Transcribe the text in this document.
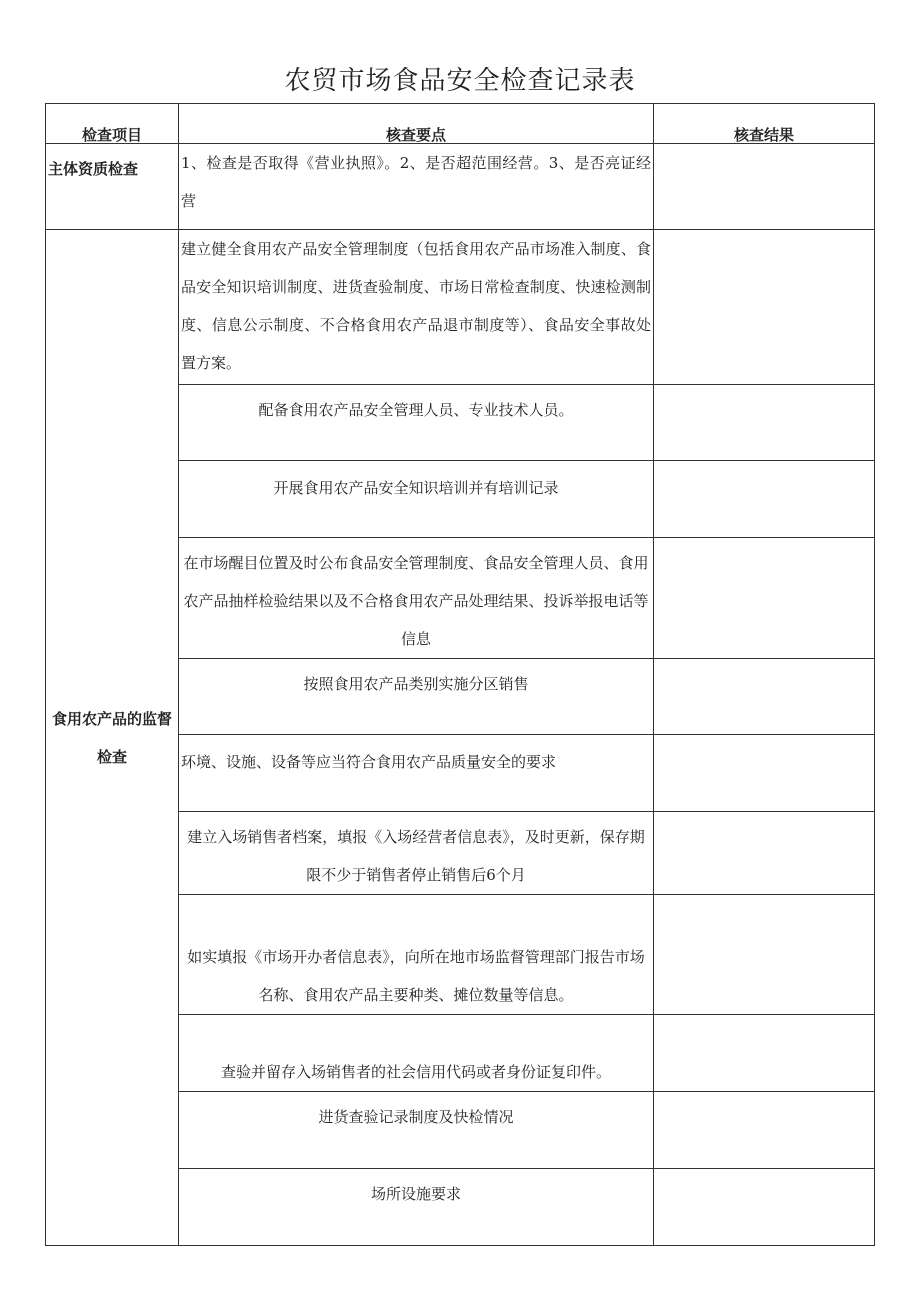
农贸市场食品安全检查记录表
检查项目	核查要点	核查结果

主体资质检查	1、检查是否取得《营业执照》。2、是否超范围经营。3、是否亮证经营	

食用农产品的监督检查	建立健全食用农产品安全管理制度（包括食用农产品市场准入制度、食品安全知识培训制度、进货查验制度、市场日常检查制度、快速检测制度、信息公示制度、不合格食用农产品退市制度等）、食品安全事故处置方案。	
	配备食用农产品安全管理人员、专业技术人员。	
	开展食用农产品安全知识培训并有培训记录	
	在市场醒目位置及时公布食品安全管理制度、食品安全管理人员、食用农产品抽样检验结果以及不合格食用农产品处理结果、投诉举报电话等信息	
	按照食用农产品类别实施分区销售	
	环境、设施、设备等应当符合食用农产品质量安全的要求	
	建立入场销售者档案，填报《入场经营者信息表》，及时更新，保存期限不少于销售者停止销售后6个月	
	如实填报《市场开办者信息表》，向所在地市场监督管理部门报告市场名称、食用农产品主要种类、摊位数量等信息。	
	查验并留存入场销售者的社会信用代码或者身份证复印件。	
	进货查验记录制度及快检情况	
	场所设施要求	
